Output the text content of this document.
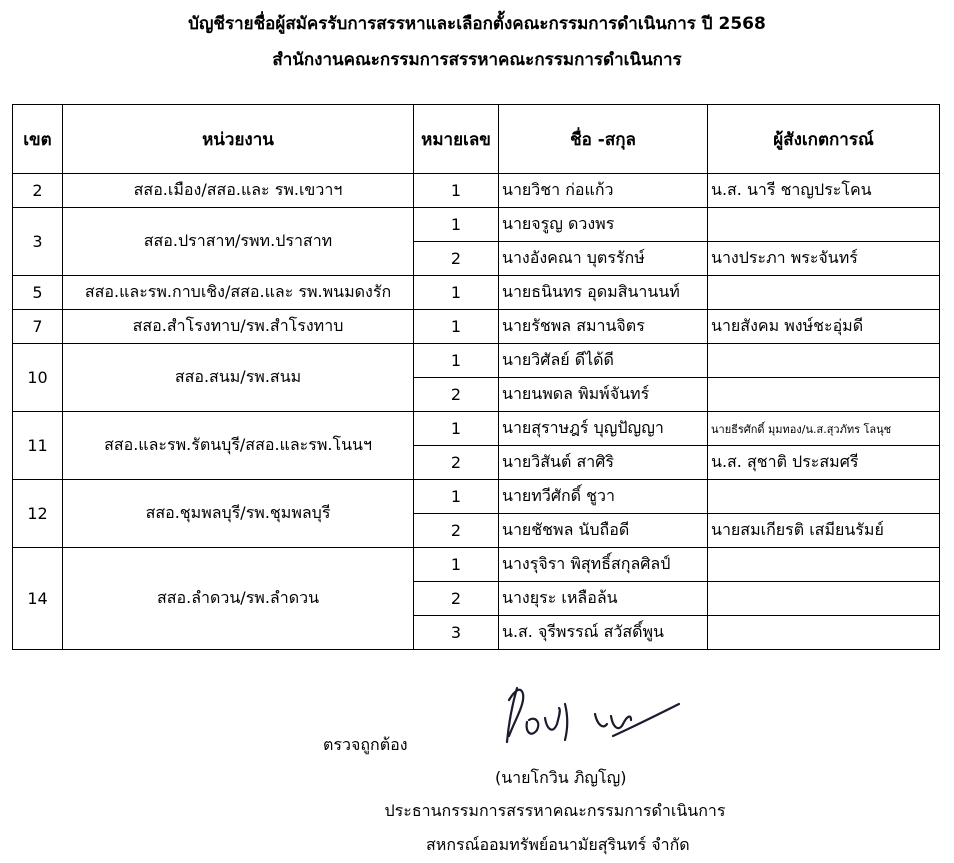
บัญชีรายชื่อผู้สมัครรับการสรรหาและเลือกตั้งคณะกรรมการดำเนินการ ปี 2568
สำนักงานคณะกรรมการสรรหาคณะกรรมการดำเนินการ
เขต	หน่วยงาน	หมายเลข	ชื่อ -สกุล	ผู้สังเกตการณ์
2	สสอ.เมือง/สสอ.และ รพ.เขวาฯ	1	นายวิชา ก่อแก้ว	น.ส. นารี ชาญประโคน
3	สสอ.ปราสาท/รพท.ปราสาท	1	นายจรูญ ดวงพร	
		2	นางอังคณา บุตรรักษ์	นางประภา พระจันทร์
5	สสอ.และรพ.กาบเชิง/สสอ.และ รพ.พนมดงรัก	1	นายธนินทร อุดมสินานนท์	
7	สสอ.สำโรงทาบ/รพ.สำโรงทาบ	1	นายรัชพล สมานจิตร	นายสังคม พงษ์ชะอุ่มดี
10	สสอ.สนม/รพ.สนม	1	นายวิศัลย์ ดีได้ดี	
		2	นายนพดล พิมพ์จันทร์	
11	สสอ.และรพ.รัตนบุรี/สสอ.และรพ.โนนฯ	1	นายสุราษฎร์ บุญปัญญา	นายธีรศักดิ์ มุมทอง/น.ส.สุวภัทร โลนุช
		2	นายวิสันต์ สาศิริ	น.ส. สุชาติ ประสมศรี
12	สสอ.ชุมพลบุรี/รพ.ชุมพลบุรี	1	นายทวีศักดิ์ ชูวา	
		2	นายชัชพล นับถือดี	นายสมเกียรติ เสมียนรัมย์
14	สสอ.ลำดวน/รพ.ลำดวน	1	นางรุจิรา พิสุทธิ์สกุลศิลป์	
		2	นางยุระ เหลือล้น	
		3	น.ส. จุรีพรรณ์ สวัสดิ์พูน	
ตรวจถูกต้อง
(นายโกวิน ภิญโญ)
ประธานกรรมการสรรหาคณะกรรมการดำเนินการ
สหกรณ์ออมทรัพย์อนามัยสุรินทร์ จำกัด
